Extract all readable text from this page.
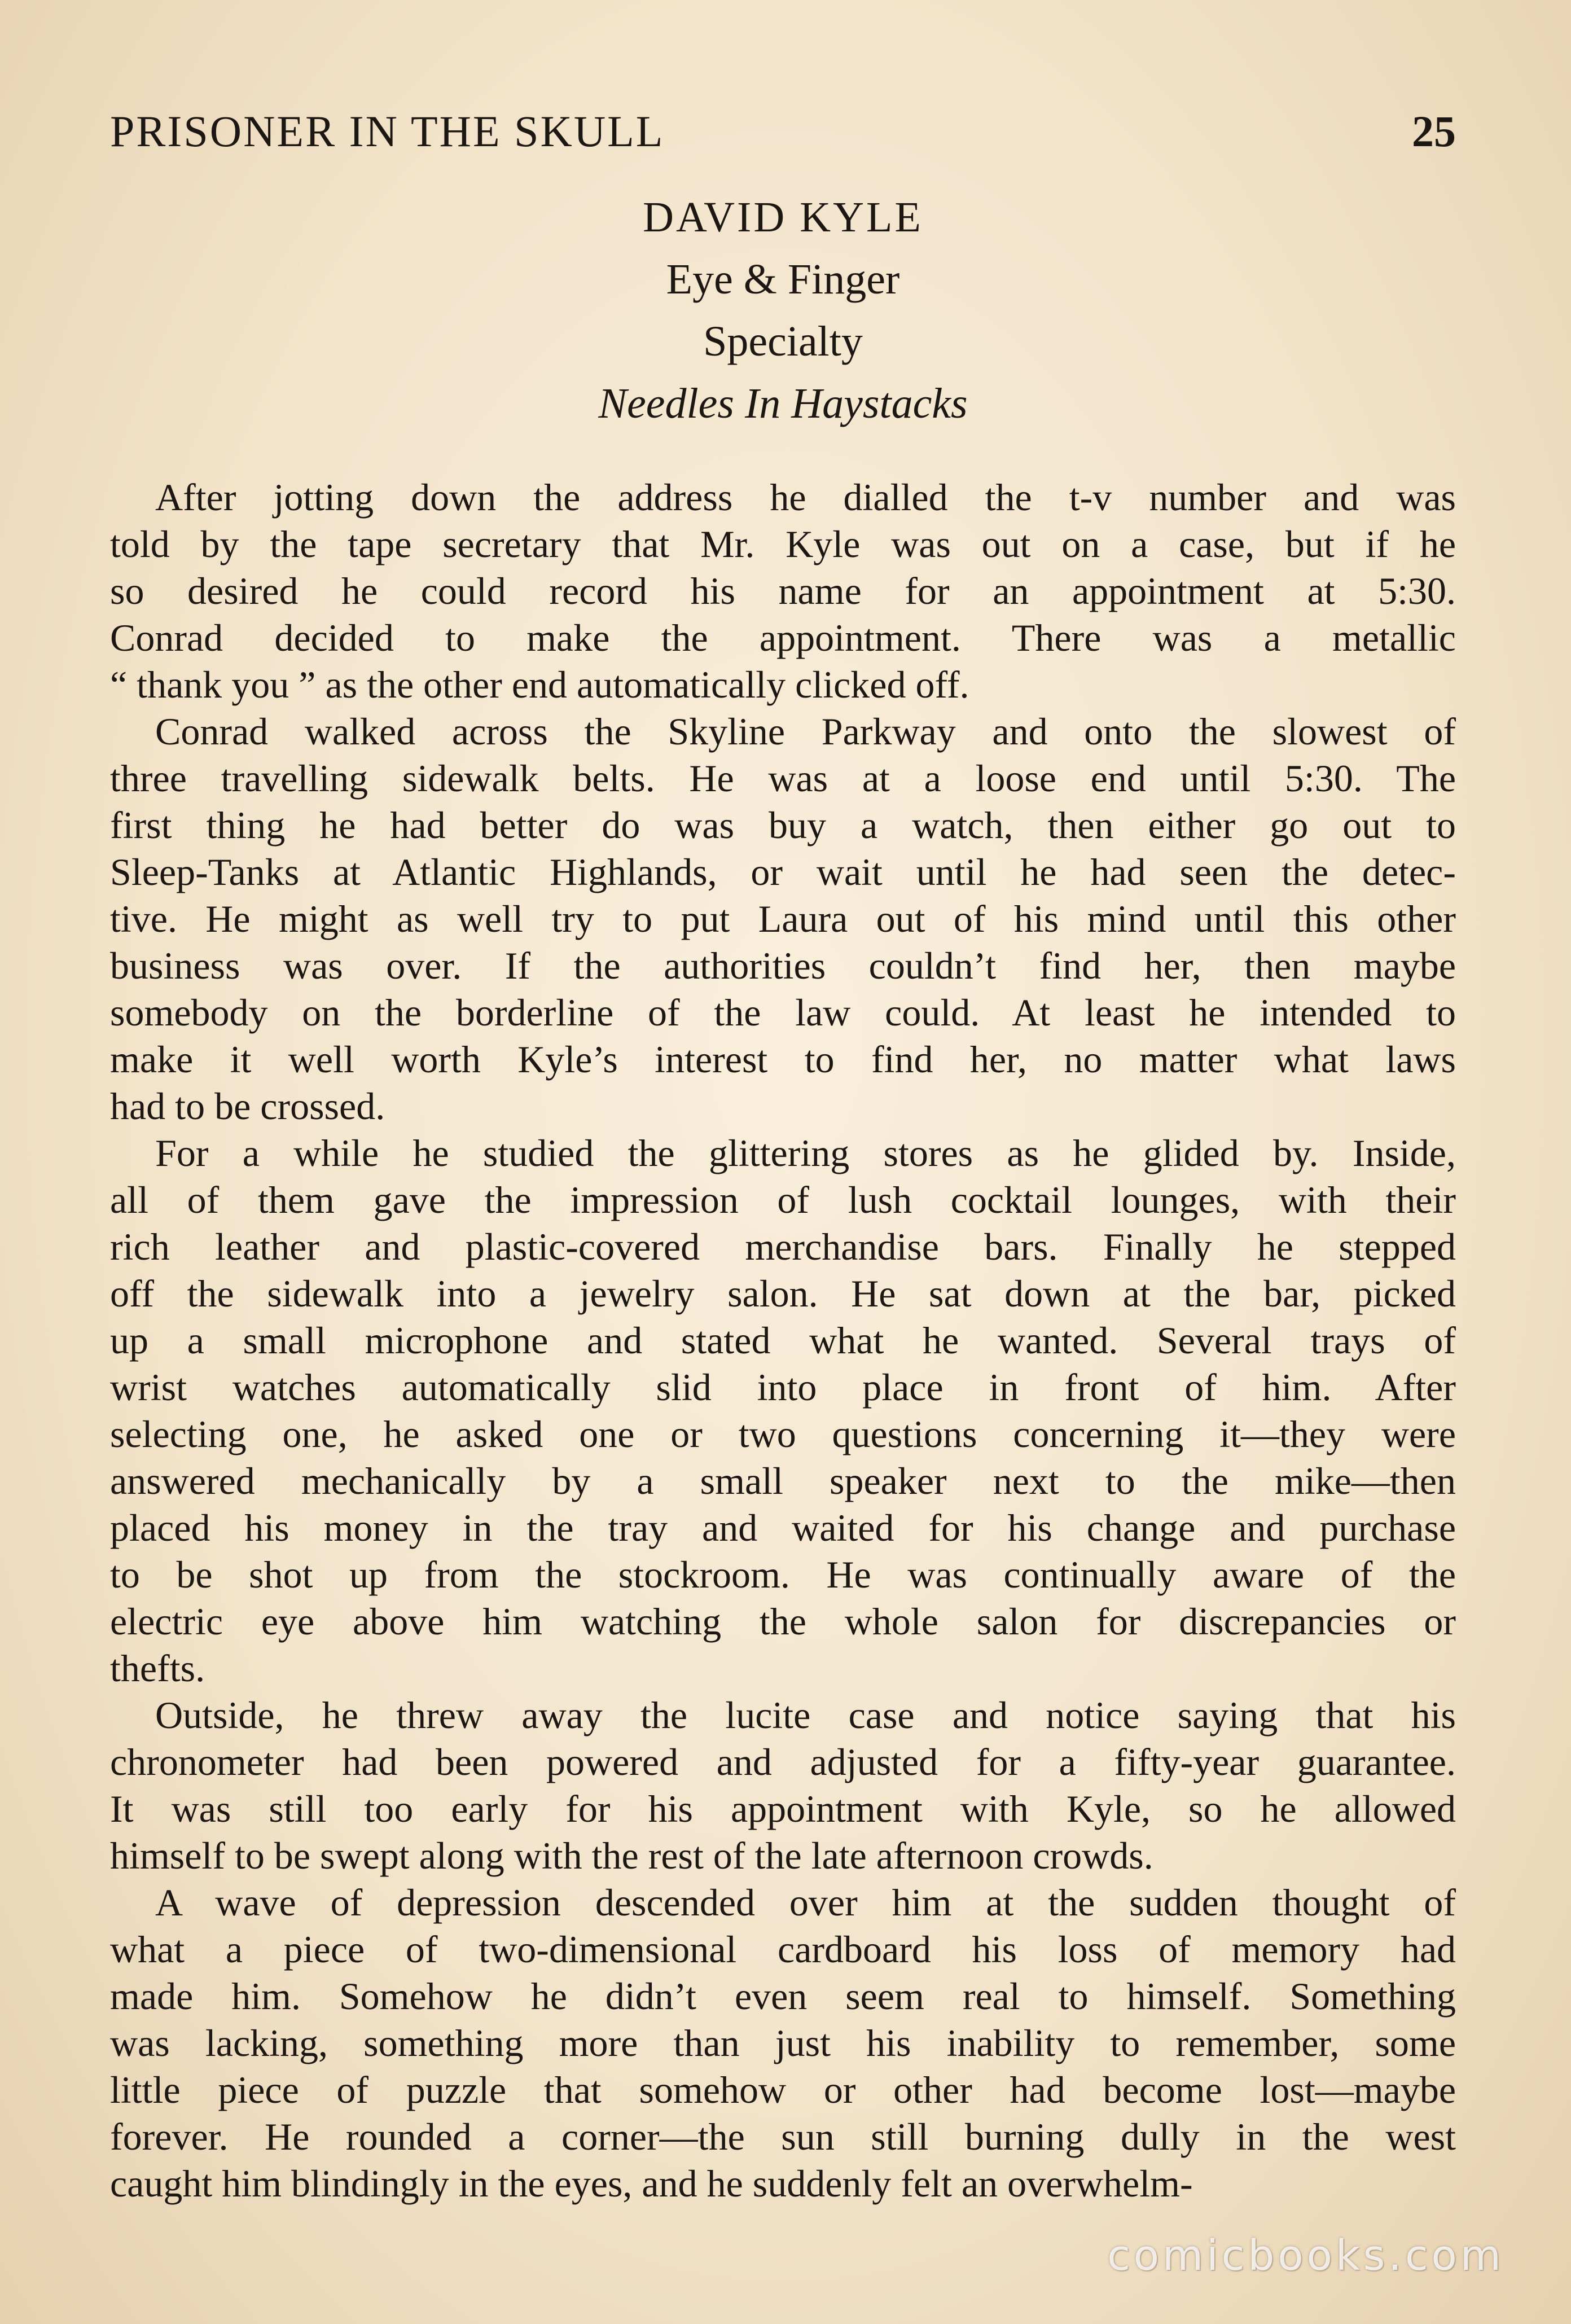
PRISONER IN THE SKULL	25
DAVID KYLE
Eye & Finger
Specialty
Needles In Haystacks
After jotting down the address he dialled the t-v number and was
told by the tape secretary that Mr. Kyle was out on a case, but if he
so desired he could record his name for an appointment at 5:30.
Conrad decided to make the appointment. There was a metallic
“ thank you ” as the other end automatically clicked off.
Conrad walked across the Skyline Parkway and onto the slowest of
three travelling sidewalk belts. He was at a loose end until 5:30. The
first thing he had better do was buy a watch, then either go out to
Sleep-Tanks at Atlantic Highlands, or wait until he had seen the detec-
tive. He might as well try to put Laura out of his mind until this other
business was over. If the authorities couldn’t find her, then maybe
somebody on the borderline of the law could. At least he intended to
make it well worth Kyle’s interest to find her, no matter what laws
had to be crossed.
For a while he studied the glittering stores as he glided by. Inside,
all of them gave the impression of lush cocktail lounges, with their
rich leather and plastic-covered merchandise bars. Finally he stepped
off the sidewalk into a jewelry salon. He sat down at the bar, picked
up a small microphone and stated what he wanted. Several trays of
wrist watches automatically slid into place in front of him. After
selecting one, he asked one or two questions concerning it—they were
answered mechanically by a small speaker next to the mike—then
placed his money in the tray and waited for his change and purchase
to be shot up from the stockroom. He was continually aware of the
electric eye above him watching the whole salon for discrepancies or
thefts.
Outside, he threw away the lucite case and notice saying that his
chronometer had been powered and adjusted for a fifty-year guarantee.
It was still too early for his appointment with Kyle, so he allowed
himself to be swept along with the rest of the late afternoon crowds.
A wave of depression descended over him at the sudden thought of
what a piece of two-dimensional cardboard his loss of memory had
made him. Somehow he didn’t even seem real to himself. Something
was lacking, something more than just his inability to remember, some
little piece of puzzle that somehow or other had become lost—maybe
forever. He rounded a corner—the sun still burning dully in the west
caught him blindingly in the eyes, and he suddenly felt an overwhelm-
comicbooks.com
